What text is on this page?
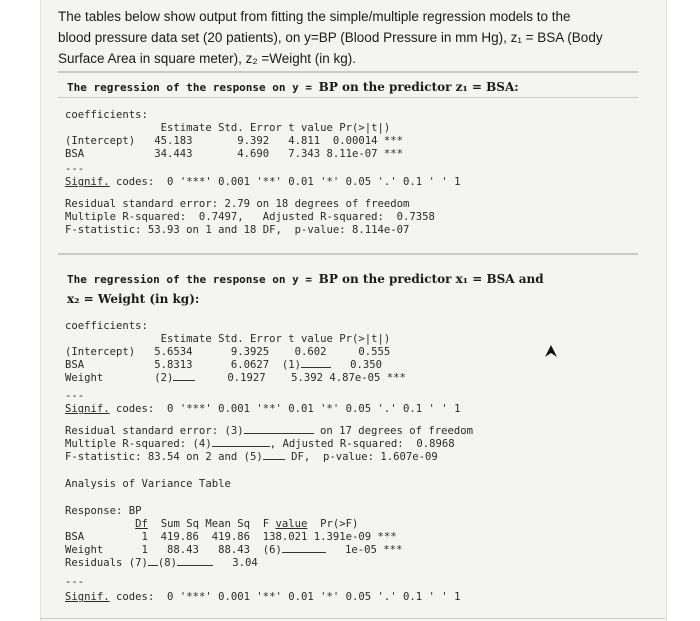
The tables below show output from fitting the simple/multiple regression models to the
blood pressure data set (20 patients), on y=BP (Blood Pressure in mm Hg), z₁ = BSA (Body
Surface Area in square meter), z₂ =Weight (in kg).
The regression of the response on y = BP on the predictor z₁ = BSA:
coefficients:
Estimate Std. Error t value Pr(>|t|)
(Intercept)   45.183       9.392   4.811  0.00014 ***
BSA           34.443       4.690   7.343 8.11e-07 ***
---
Signif. codes:  0 '***' 0.001 '**' 0.01 '*' 0.05 '.' 0.1 ' ' 1
Residual standard error: 2.79 on 18 degrees of freedom
Multiple R-squared:  0.7497,   Adjusted R-squared:  0.7358
F-statistic: 53.93 on 1 and 18 DF,  p-value: 8.114e-07
The regression of the response on y = BP on the predictor x₁ = BSA and
x₂ = Weight (in kg):
coefficients:
Estimate Std. Error t value Pr(>|t|)
(Intercept)   5.6534      9.3925    0.602     0.555
BSA           5.8313      6.0627  (1)	0.350
Weight        (2)     0.1927    5.392 4.87e-05 ***
---
Signif. codes:  0 '***' 0.001 '**' 0.01 '*' 0.05 '.' 0.1 ' ' 1
Residual standard error: (3)	on 17 degrees of freedom
Multiple R-squared: (4)	, Adjusted R-squared:  0.8968
F-statistic: 83.54 on 2 and (5) DF,  p-value: 1.607e-09
Analysis of Variance Table
Response: BP
Df  Sum Sq Mean Sq  F value  Pr(>F)
BSA         1  419.86  419.86  138.021 1.391e-09 ***
Weight      1   88.43   88.43  (6)	1e-05 ***
Residuals (7) (8)	3.04
---
Signif. codes:  0 '***' 0.001 '**' 0.01 '*' 0.05 '.' 0.1 ' ' 1
